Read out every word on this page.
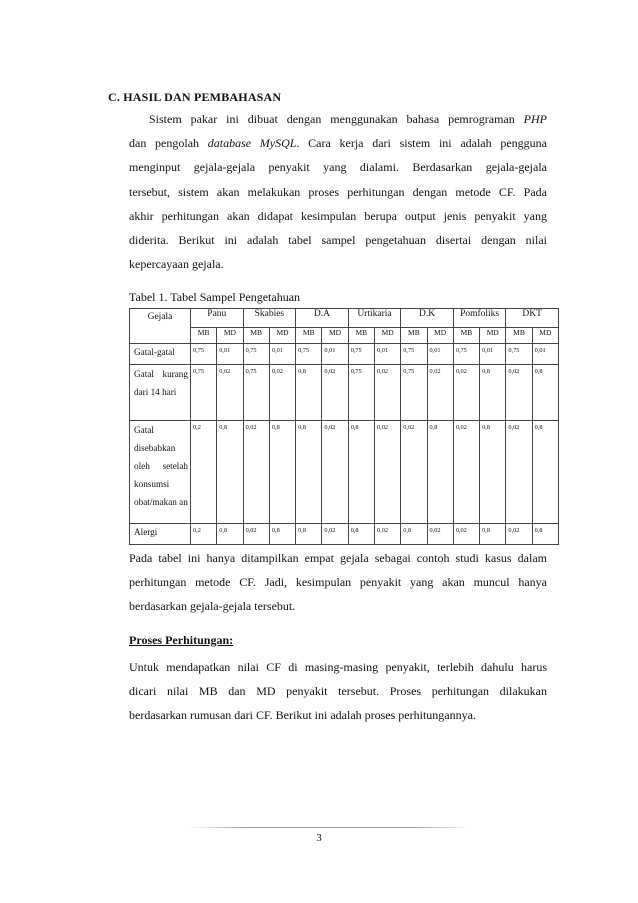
C. HASIL DAN PEMBAHASAN
Sistem pakar ini dibuat dengan menggunakan bahasa pemrograman PHP
dan pengolah database MySQL. Cara kerja dari sistem ini adalah pengguna
menginput gejala-gejala penyakit yang dialami. Berdasarkan gejala-gejala
tersebut, sistem akan melakukan proses perhitungan dengan metode CF. Pada
akhir perhitungan akan didapat kesimpulan berupa output jenis penyakit yang
diderita. Berikut ini adalah tabel sampel pengetahuan disertai dengan nilai
kepercayaan gejala.
Tabel 1. Tabel Sampel Pengetahuan
Gejala	Panu		Skabies		D.A		Urtikaria		D.K		Pomfoliks		DKT	
	MB	MD	MB	MD	MB	MD	MB	MD	MB	MD	MB	MD	MB	MD
Gatal-gatal	0,75	0,01	0,75	0,01	0,75	0,01	0,75	0,01	0,75	0,01	0,75	0,01	0,75	0,01
Gatal kurang dari 14 hari	0,75	0,02	0,75	0,02	0,8	0,02	0,75	0,02	0,75	0,02	0,02	0,8	0,02	0,8
Gatal disebabkan oleh setelah konsumsi obat/makan an	0,2	0,8	0,02	0,8	0,8	0,02	0,8	0,02	0,02	0,8	0,02	0,8	0,02	0,8
Alergi	0,2	0,8	0,02	0,8	0,8	0,02	0,8	0,02	0,8	0,02	0,02	0,8	0,02	0,8
Pada tabel ini hanya ditampilkan empat gejala sebagai contoh studi kasus dalam
perhitungan metode CF. Jadi, kesimpulan penyakit yang akan muncul hanya
berdasarkan gejala-gejala tersebut.
Proses Perhitungan:
Untuk mendapatkan nilai CF di masing-masing penyakit, terlebih dahulu harus
dicari nilai MB dan MD penyakit tersebut. Proses perhitungan dilakukan
berdasarkan rumusan dari CF. Berikut ini adalah proses perhitungannya.
3
